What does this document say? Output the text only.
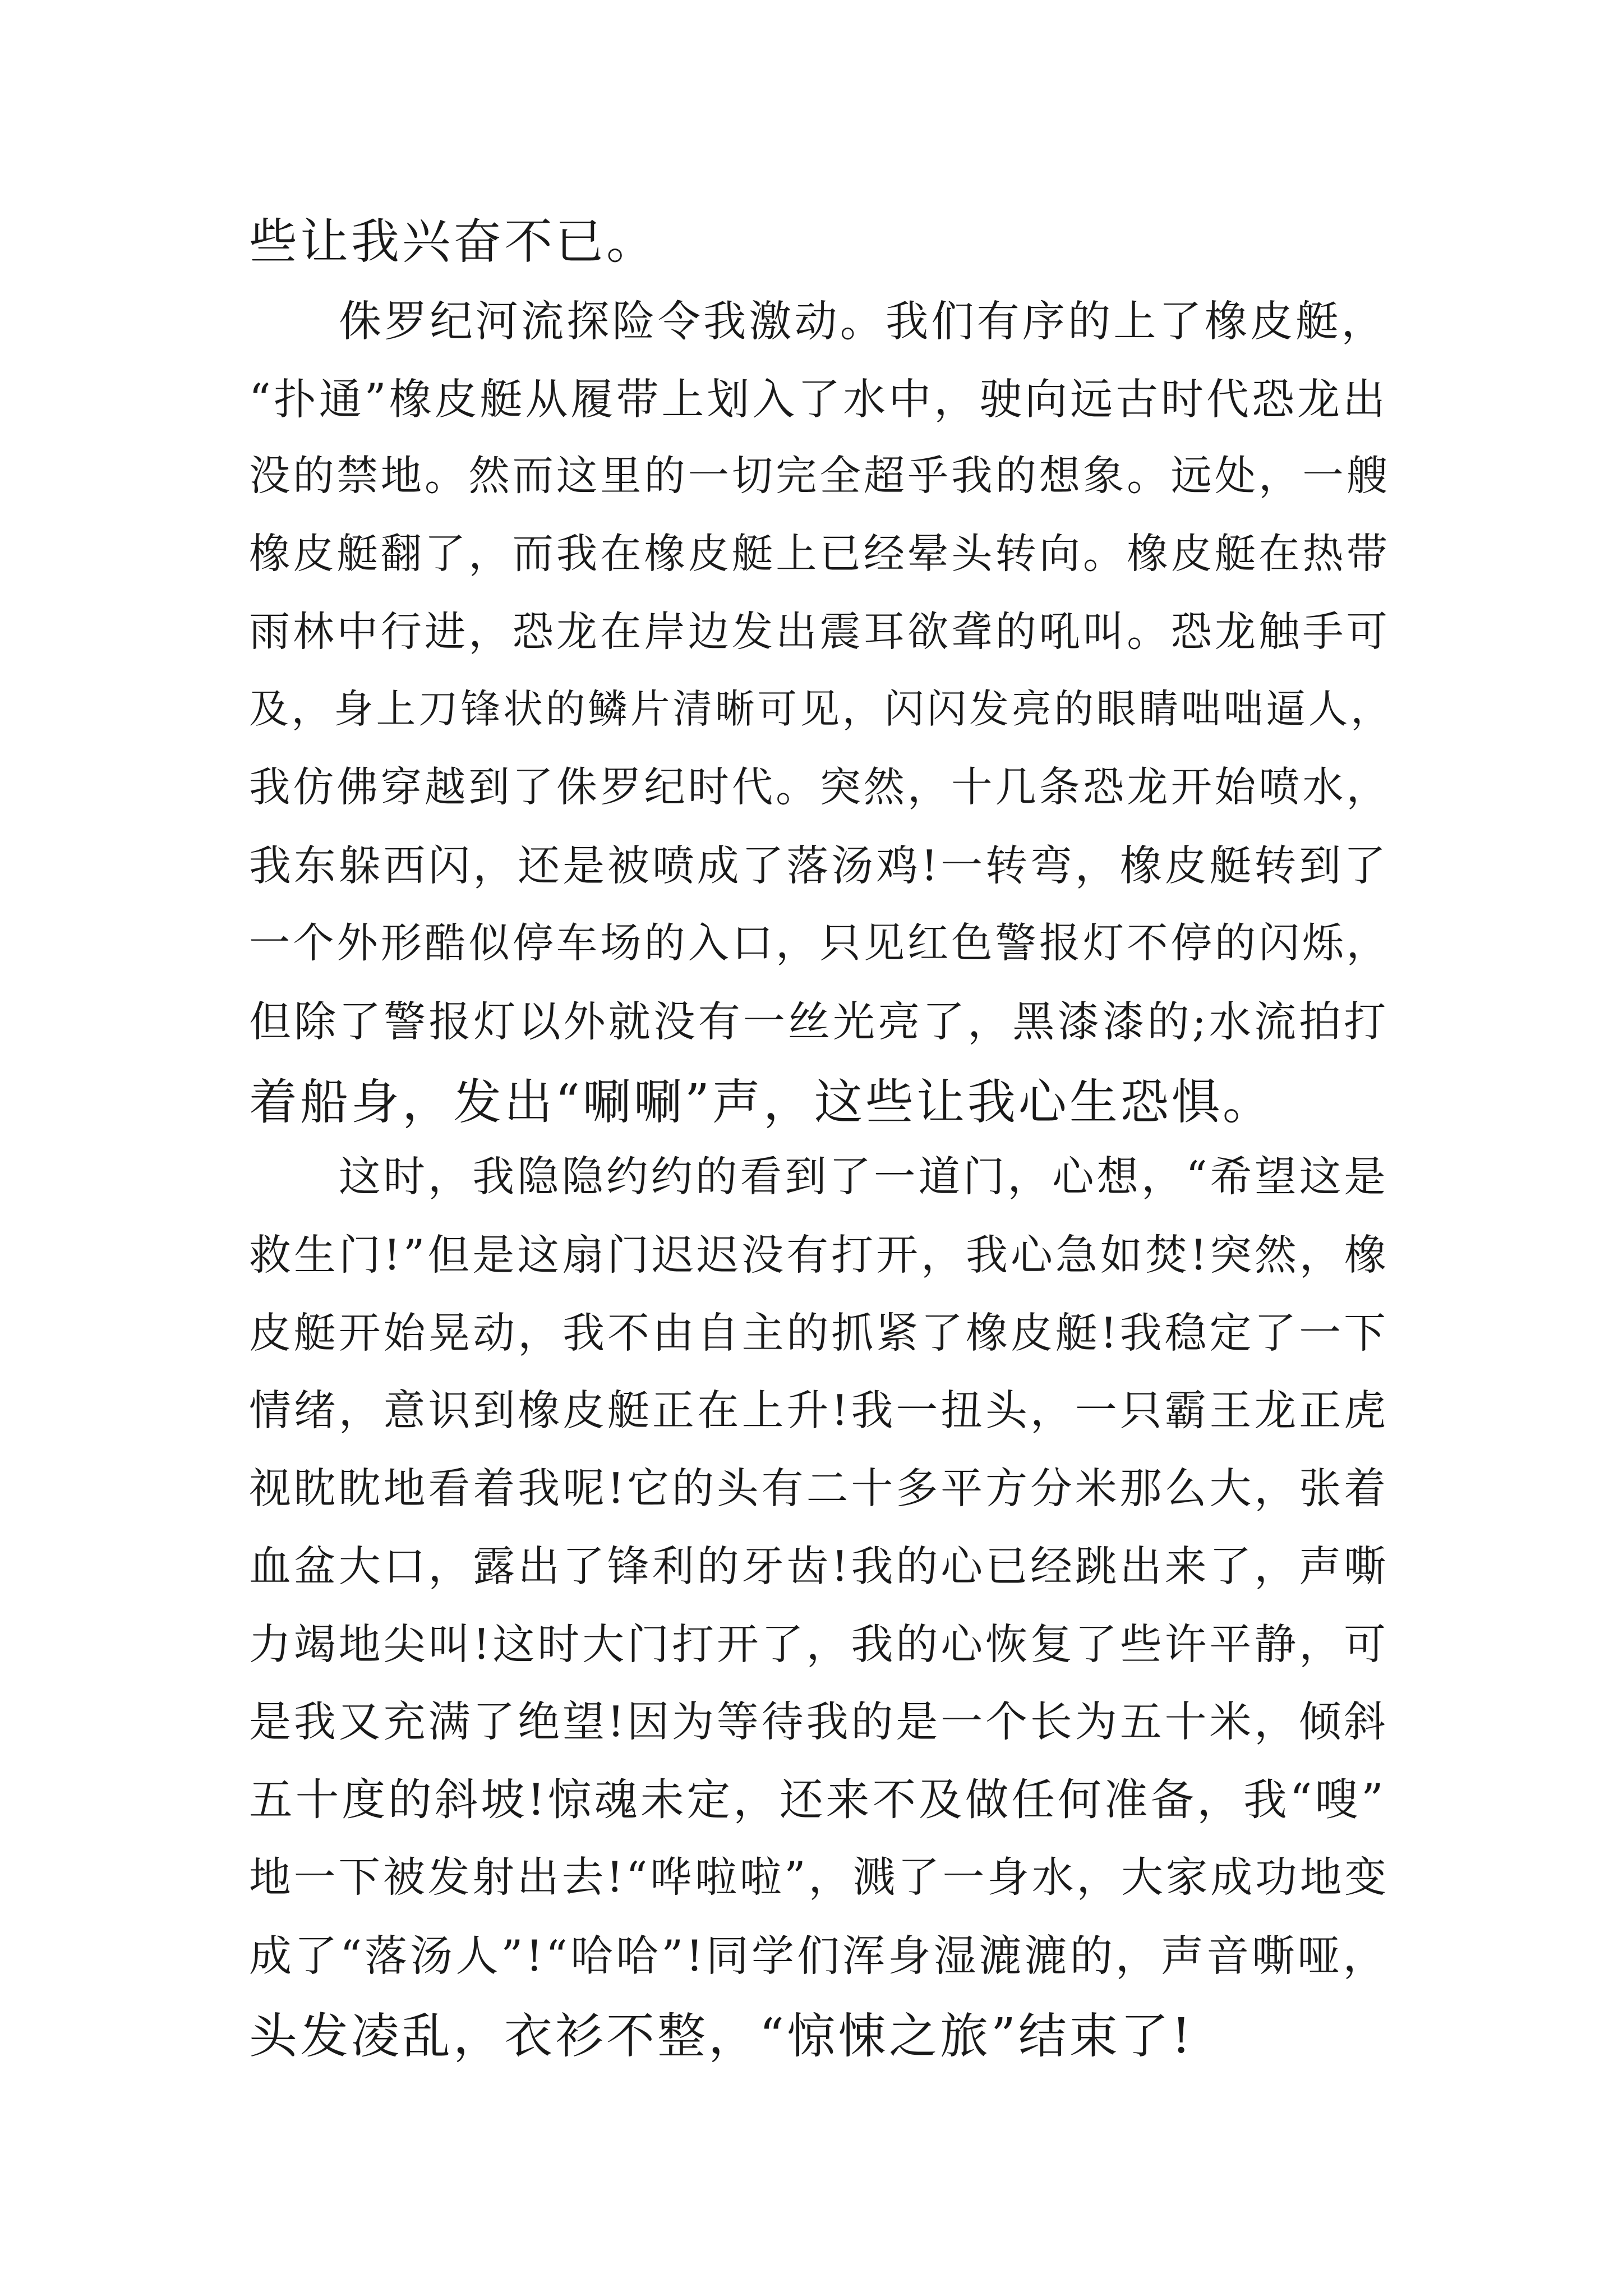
些让我兴奋不已。
侏罗纪河流探险令我激动。我们有序的上了橡皮艇，
“扑通”橡皮艇从履带上划入了水中，驶向远古时代恐龙出
没的禁地。然而这里的一切完全超乎我的想象。远处，一艘
橡皮艇翻了，而我在橡皮艇上已经晕头转向。橡皮艇在热带
雨林中行进，恐龙在岸边发出震耳欲聋的吼叫。恐龙触手可
及，身上刀锋状的鳞片清晰可见，闪闪发亮的眼睛咄咄逼人，
我仿佛穿越到了侏罗纪时代。突然，十几条恐龙开始喷水，
我东躲西闪，还是被喷成了落汤鸡!一转弯，橡皮艇转到了
一个外形酷似停车场的入口，只见红色警报灯不停的闪烁，
但除了警报灯以外就没有一丝光亮了，黑漆漆的;水流拍打
着船身，发出“唰唰”声，这些让我心生恐惧。
这时，我隐隐约约的看到了一道门，心想，“希望这是
救生门!”但是这扇门迟迟没有打开，我心急如焚!突然，橡
皮艇开始晃动，我不由自主的抓紧了橡皮艇!我稳定了一下
情绪，意识到橡皮艇正在上升!我一扭头，一只霸王龙正虎
视眈眈地看着我呢!它的头有二十多平方分米那么大，张着
血盆大口，露出了锋利的牙齿!我的心已经跳出来了，声嘶
力竭地尖叫!这时大门打开了，我的心恢复了些许平静，可
是我又充满了绝望!因为等待我的是一个长为五十米，倾斜
五十度的斜坡!惊魂未定，还来不及做任何准备，我“嗖”
地一下被发射出去!“哗啦啦”，溅了一身水，大家成功地变
成了“落汤人”!“哈哈”!同学们浑身湿漉漉的，声音嘶哑，
头发凌乱，衣衫不整，“惊悚之旅”结束了!
